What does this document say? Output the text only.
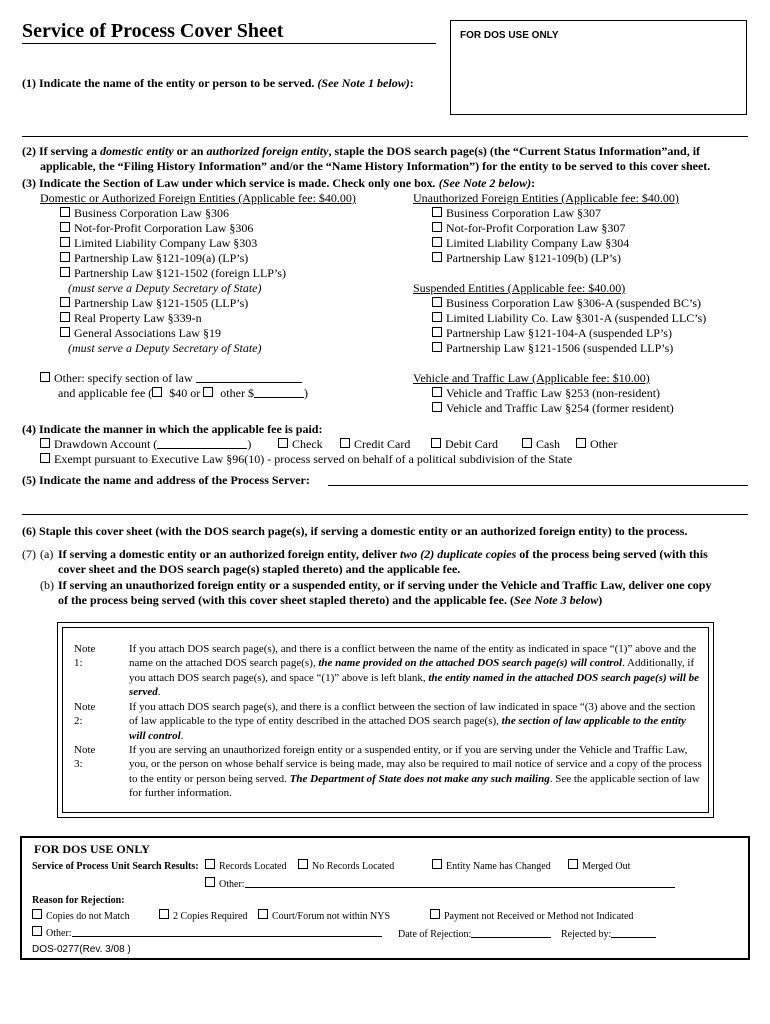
Service of Process Cover Sheet	FOR DOS USE ONLY
(1) Indicate the name of the entity or person to be served. (See Note 1 below):
(2) If serving a domestic entity or an authorized foreign entity, staple the DOS search page(s) (the “Current Status Information”and, if
applicable, the “Filing History Information” and/or the “Name History Information”) for the entity to be served to this cover sheet.
(3) Indicate the Section of Law under which service is made. Check only one box. (See Note 2 below):
Domestic or Authorized Foreign Entities (Applicable fee: $40.00)
Business Corporation Law §306
Not-for-Profit Corporation Law §306
Limited Liability Company Law §303
Partnership Law §121-109(a) (LP’s)
Partnership Law §121-1502 (foreign LLP’s)
(must serve a Deputy Secretary of State)
Partnership Law §121-1505 (LLP’s)
Real Property Law §339-n
General Associations Law §19
(must serve a Deputy Secretary of State)
Other: specify section of law
and applicable fee ( $40 or  other $	)
Unauthorized Foreign Entities (Applicable fee: $40.00)
Business Corporation Law §307
Not-for-Profit Corporation Law §307
Limited Liability Company Law §304
Partnership Law §121-109(b) (LP’s)
Suspended Entities (Applicable fee: $40.00)
Business Corporation Law §306-A (suspended BC’s)
Limited Liability Co. Law §301-A (suspended LLC’s)
Partnership Law §121-104-A (suspended LP’s)
Partnership Law §121-1506 (suspended LLP’s)
Vehicle and Traffic Law (Applicable fee: $10.00)
Vehicle and Traffic Law §253 (non-resident)
Vehicle and Traffic Law §254 (former resident)
(4) Indicate the manner in which the applicable fee is paid:
Drawdown Account (	)	Check	Credit Card	Debit Card	Cash	Other
Exempt pursuant to Executive Law §96(10) - process served on behalf of a political subdivision of the State
(5) Indicate the name and address of the Process Server:
(6) Staple this cover sheet (with the DOS search page(s), if serving a domestic entity or an authorized foreign entity) to the process.
(7) (a) If serving a domestic entity or an authorized foreign entity, deliver two (2) duplicate copies of the process being served (with this
cover sheet and the DOS search page(s) stapled thereto) and the applicable fee.
(b) If serving an unauthorized foreign entity or a suspended entity, or if serving under the Vehicle and Traffic Law, deliver one copy
of the process being served (with this cover sheet stapled thereto) and the applicable fee. (See Note 3 below)
Note 1:
If you attach DOS search page(s), and there is a conflict between the name of the entity as indicated in space “(1)” above and the name on the attached DOS search page(s), the name provided on the attached DOS search page(s) will control. Additionally, if you attach DOS search page(s), and space “(1)” above is left blank, the entity named in the attached DOS search page(s) will be served.
Note 2:
If you attach DOS search page(s), and there is a conflict between the section of law indicated in space “(3) above and the section of law applicable to the type of entity described in the attached DOS search page(s), the section of law applicable to the entity will control.
Note 3:
If you are serving an unauthorized foreign entity or a suspended entity, or if you are serving under the Vehicle and Traffic Law, you, or the person on whose behalf service is being made, may also be required to mail notice of service and a copy of the process to the entity or person being served. The Department of State does not make any such mailing. See the applicable section of law for further information.
FOR DOS USE ONLY
Service of Process Unit Search Results:	Records Located	No Records Located	Entity Name has Changed	Merged Out
Other:
Reason for Rejection:
Copies do not Match	2 Copies Required	Court/Forum not within NYS	Payment not Received or Method not Indicated
Other:	Date of Rejection:	Rejected by:
DOS-0277(Rev. 3/08 )
